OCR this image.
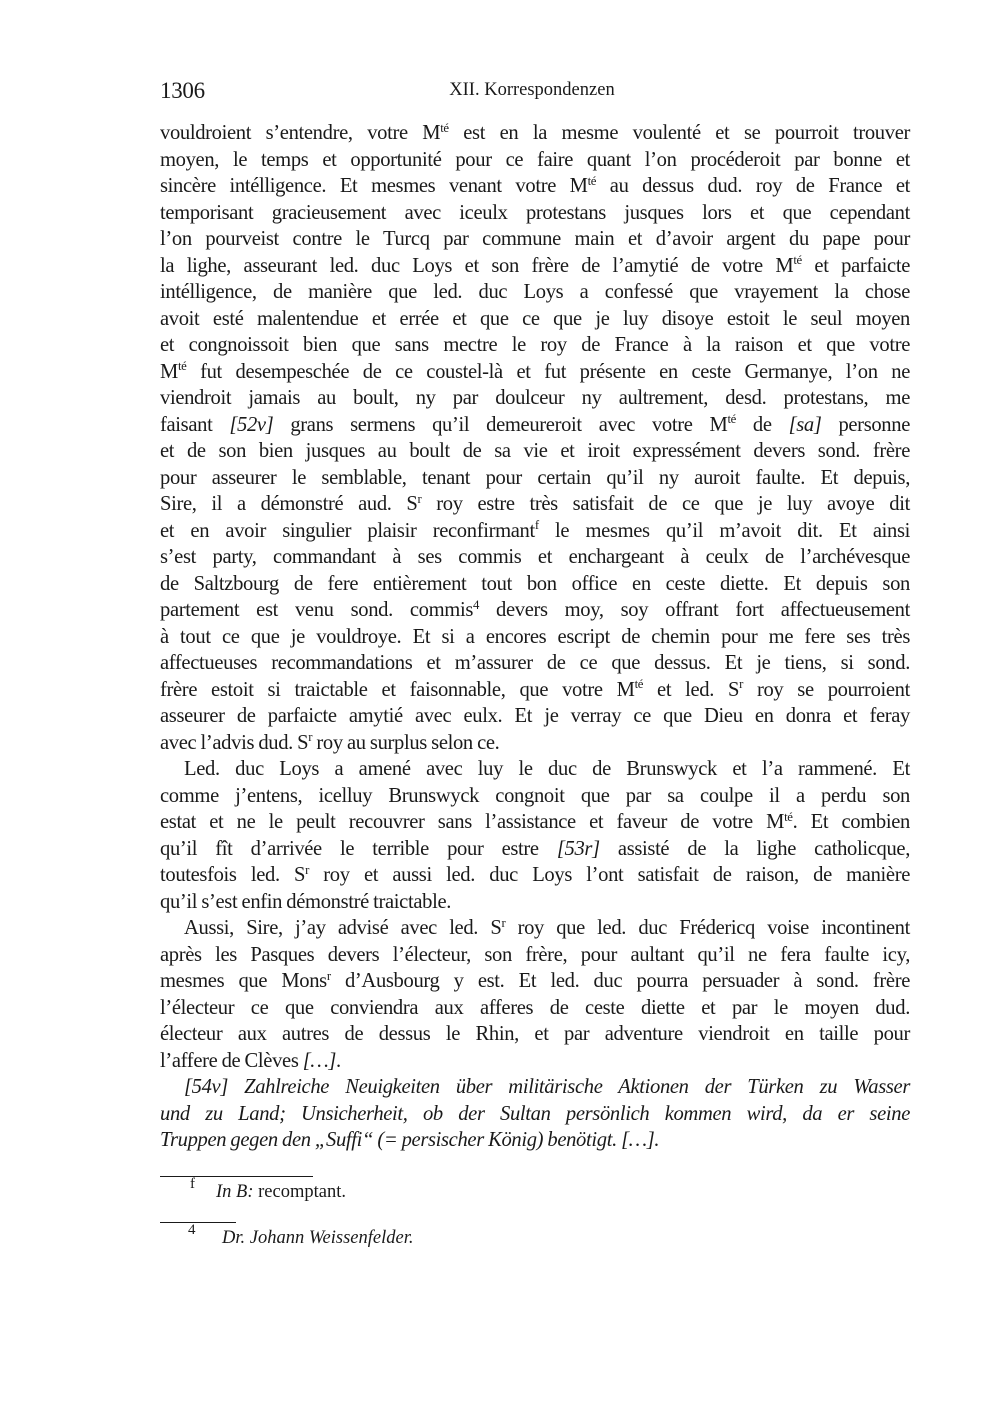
1306	XII. Korrespondenzen
vouldroient s’entendre, votre $M^{té}$ est en la mesme voulenté et se pourroit trouver
moyen, le temps et opportunité pour ce faire quant l’on procéderoit par bonne et
sincère intélligence. Et mesmes venant votre $M^{té}$ au dessus dud. roy de France et
temporisant gracieusement avec iceulx protestans jusques lors et que cependant
l’on pourveist contre le Turcq par commune main et d’avoir argent du pape pour
la lighe, asseurant led. duc Loys et son frère de l’amytié de votre $M^{té}$ et parfaicte
intélligence, de manière que led. duc Loys a confessé que vrayement la chose
avoit esté malentendue et errée et que ce que je luy disoye estoit le seul moyen
et congnoissoit bien que sans mectre le roy de France à la raison et que votre
$M^{té}$ fut desempeschée de ce coustel-là et fut présente en ceste Germanye, l’on ne
viendroit jamais au boult, ny par doulceur ny aultrement, desd. protestans, me
faisant [52v] grans sermens qu’il demeureroit avec votre $M^{té}$ de [sa] personne
et de son bien jusques au boult de sa vie et iroit expressément devers sond. frère
pour asseurer le semblable, tenant pour certain qu’il ny auroit faulte. Et depuis,
Sire, il a démonstré aud. $S^r$ roy estre très satisfait de ce que je luy avoye dit
et en avoir singulier plaisir reconfirmant$^f$ le mesmes qu’il m’avoit dit. Et ainsi
s’est party, commandant à ses commis et enchargeant à ceulx de l’archévesque
de Saltzbourg de fere entièrement tout bon office en ceste diette. Et depuis son
partement est venu sond. commis$^4$ devers moy, soy offrant fort affectueusement
à tout ce que je vouldroye. Et si a encores escript de chemin pour me fere ses très
affectueuses recommandations et m’assurer de ce que dessus. Et je tiens, si sond.
frère estoit si traictable et faisonnable, que votre $M^{té}$ et led. $S^r$ roy se pourroient
asseurer de parfaicte amytié avec eulx. Et je verray ce que Dieu en donra et feray
avec l’advis dud. $S^r$ roy au surplus selon ce.
Led. duc Loys a amené avec luy le duc de Brunswyck et l’a rammené. Et
comme j’entens, icelluy Brunswyck congnoit que par sa coulpe il a perdu son
estat et ne le peult recouvrer sans l’assistance et faveur de votre $M^{té}$. Et combien
qu’il fît d’arrivée le terrible pour estre [53r] assisté de la lighe catholicque,
toutesfois led. $S^r$ roy et aussi led. duc Loys l’ont satisfait de raison, de manière
qu’il s’est enfin démonstré traictable.
Aussi, Sire, j’ay advisé avec led. $S^r$ roy que led. duc Frédericq voise incontinent
après les Pasques devers l’électeur, son frère, pour aultant qu’il ne fera faulte icy,
mesmes que Mons$^r$ d’Ausbourg y est. Et led. duc pourra persuader à sond. frère
l’électeur ce que conviendra aux afferes de ceste diette et par le moyen dud.
électeur aux autres de dessus le Rhin, et par adventure viendroit en taille pour
l’affere de Clèves […].
[54v] Zahlreiche Neuigkeiten über militärische Aktionen der Türken zu Wasser
und zu Land; Unsicherheit, ob der Sultan persönlich kommen wird, da er seine
Truppen gegen den „Suffi“ (= persischer König) benötigt. […].
f In B: recomptant.
4 Dr. Johann Weissenfelder.
